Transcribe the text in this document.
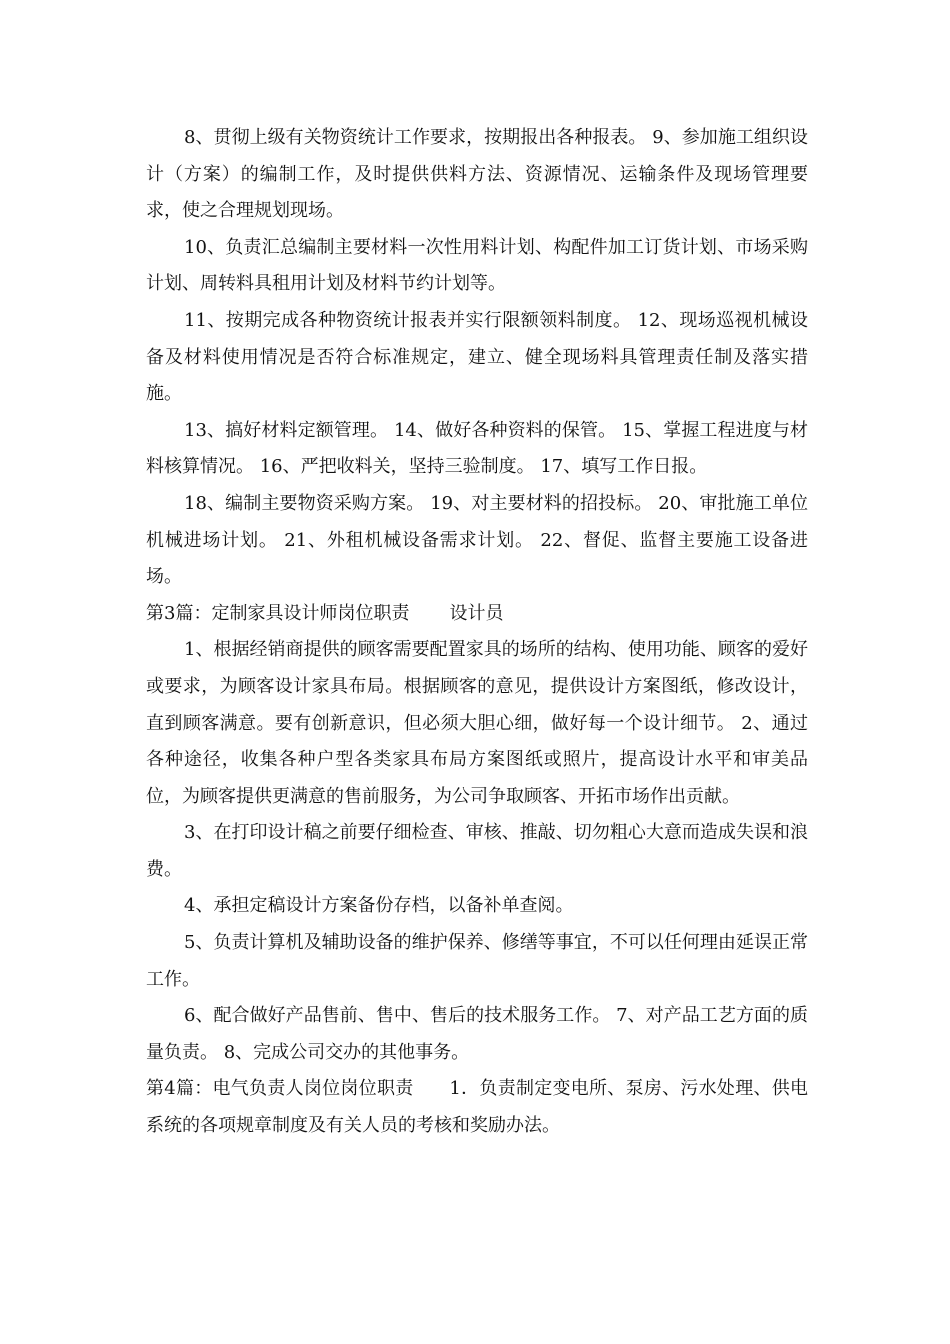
8、贯彻上级有关物资统计工作要求，按期报出各种报表。 9、参加施工组织设计（方案）的编制工作，及时提供供料方法、资源情况、运输条件及现场管理要求，使之合理规划现场。

10、负责汇总编制主要材料一次性用料计划、构配件加工订货计划、市场采购计划、周转料具租用计划及材料节约计划等。

11、按期完成各种物资统计报表并实行限额领料制度。 12、现场巡视机械设备及材料使用情况是否符合标准规定，建立、健全现场料具管理责任制及落实措施。

13、搞好材料定额管理。 14、做好各种资料的保管。 15、掌握工程进度与材料核算情况。 16、严把收料关，坚持三验制度。 17、填写工作日报。

18、编制主要物资采购方案。 19、对主要材料的招投标。 20、审批施工单位机械进场计划。 21、外租机械设备需求计划。 22、督促、监督主要施工设备进场。

第3篇：定制家具设计师岗位职责       设计员

1、根据经销商提供的顾客需要配置家具的场所的结构、使用功能、顾客的爱好或要求，为顾客设计家具布局。根据顾客的意见，提供设计方案图纸，修改设计，直到顾客满意。要有创新意识，但必须大胆心细，做好每一个设计细节。 2、通过各种途径，收集各种户型各类家具布局方案图纸或照片，提高设计水平和审美品位，为顾客提供更满意的售前服务，为公司争取顾客、开拓市场作出贡献。

3、在打印设计稿之前要仔细检查、审核、推敲、切勿粗心大意而造成失误和浪费。

4、承担定稿设计方案备份存档，以备补单查阅。

5、负责计算机及辅助设备的维护保养、修缮等事宜，不可以任何理由延误正常工作。

6、配合做好产品售前、售中、售后的技术服务工作。 7、对产品工艺方面的质量负责。 8、完成公司交办的其他事务。

第4篇：电气负责人岗位岗位职责      1．负责制定变电所、泵房、污水处理、供电系统的各项规章制度及有关人员的考核和奖励办法。
